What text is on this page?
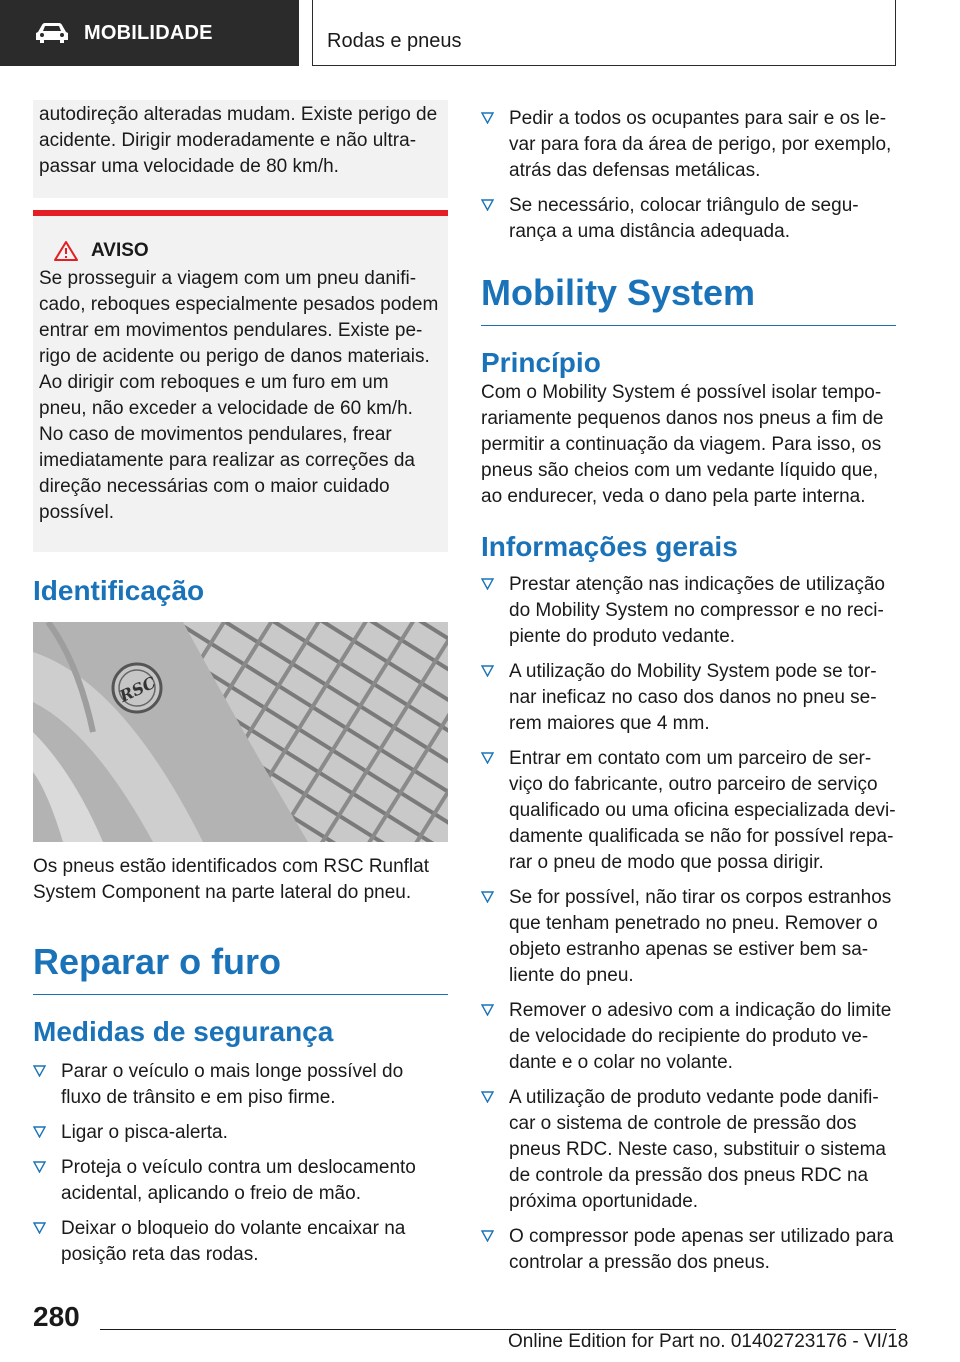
MOBILIDADE	Rodas e pneus
autodireção alteradas mudam. Existe perigo de acidente. Dirigir moderadamente e não ultrapassar uma velocidade de 80 km/h.
AVISO
Se prosseguir a viagem com um pneu danificado, reboques especialmente pesados podem entrar em movimentos pendulares. Existe perigo de acidente ou perigo de danos materiais. Ao dirigir com reboques e um furo em um pneu, não exceder a velocidade de 60 km/h. No caso de movimentos pendulares, frear imediatamente para realizar as correções da direção necessárias com o maior cuidado possível.
Identificação
RSC
Os pneus estão identificados com RSC Runflat System Component na parte lateral do pneu.
Reparar o furo
Medidas de segurança
Parar o veículo o mais longe possível do fluxo de trânsito e em piso firme.
Ligar o pisca-alerta.
Proteja o veículo contra um deslocamento acidental, aplicando o freio de mão.
Deixar o bloqueio do volante encaixar na posição reta das rodas.
Pedir a todos os ocupantes para sair e os levar para fora da área de perigo, por exemplo, atrás das defensas metálicas.
Se necessário, colocar triângulo de segurança a uma distância adequada.
Mobility System
Princípio
Com o Mobility System é possível isolar temporariamente pequenos danos nos pneus a fim de permitir a continuação da viagem. Para isso, os pneus são cheios com um vedante líquido que, ao endurecer, veda o dano pela parte interna.
Informações gerais
Prestar atenção nas indicações de utilização do Mobility System no compressor e no recipiente do produto vedante.
A utilização do Mobility System pode se tornar ineficaz no caso dos danos no pneu serem maiores que 4 mm.
Entrar em contato com um parceiro de serviço do fabricante, outro parceiro de serviço qualificado ou uma oficina especializada devidamente qualificada se não for possível reparar o pneu de modo que possa dirigir.
Se for possível, não tirar os corpos estranhos que tenham penetrado no pneu. Remover o objeto estranho apenas se estiver bem saliente do pneu.
Remover o adesivo com a indicação do limite de velocidade do recipiente do produto vedante e o colar no volante.
A utilização de produto vedante pode danificar o sistema de controle de pressão dos pneus RDC. Neste caso, substituir o sistema de controle da pressão dos pneus RDC na próxima oportunidade.
O compressor pode apenas ser utilizado para controlar a pressão dos pneus.
280
Online Edition for Part no. 01402723176 - VI/18
